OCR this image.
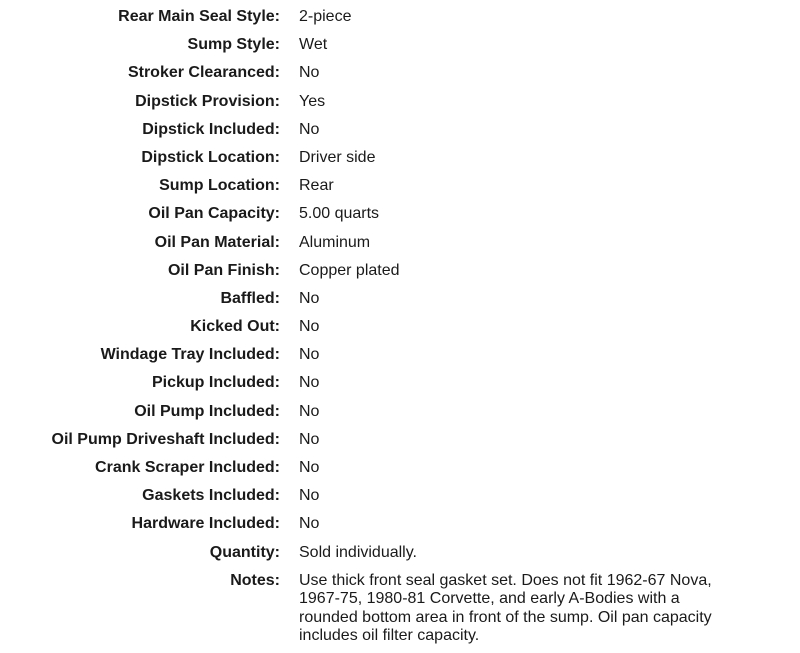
Rear Main Seal Style: 2-piece
Sump Style: Wet
Stroker Clearanced: No
Dipstick Provision: Yes
Dipstick Included: No
Dipstick Location: Driver side
Sump Location: Rear
Oil Pan Capacity: 5.00 quarts
Oil Pan Material: Aluminum
Oil Pan Finish: Copper plated
Baffled: No
Kicked Out: No
Windage Tray Included: No
Pickup Included: No
Oil Pump Included: No
Oil Pump Driveshaft Included: No
Crank Scraper Included: No
Gaskets Included: No
Hardware Included: No
Quantity: Sold individually.
Notes: Use thick front seal gasket set. Does not fit 1962-67 Nova,
1967-75, 1980-81 Corvette, and early A-Bodies with a
rounded bottom area in front of the sump. Oil pan capacity
includes oil filter capacity.
